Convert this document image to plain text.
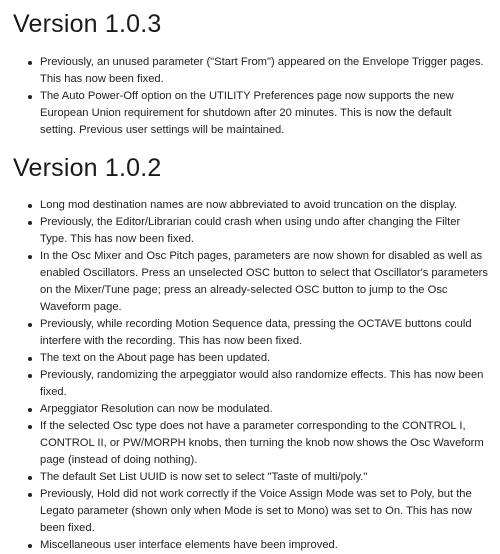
Version 1.0.3
Previously, an unused parameter ("Start From") appeared on the Envelope Trigger pages. This has now been fixed.
The Auto Power-Off option on the UTILITY Preferences page now supports the new European Union requirement for shutdown after 20 minutes. This is now the default setting. Previous user settings will be maintained.
Version 1.0.2
Long mod destination names are now abbreviated to avoid truncation on the display.
Previously, the Editor/Librarian could crash when using undo after changing the Filter Type. This has now been fixed.
In the Osc Mixer and Osc Pitch pages, parameters are now shown for disabled as well as enabled Oscillators. Press an unselected OSC button to select that Oscillator's parameters on the Mixer/Tune page; press an already-selected OSC button to jump to the Osc Waveform page.
Previously, while recording Motion Sequence data, pressing the OCTAVE buttons could interfere with the recording. This has now been fixed.
The text on the About page has been updated.
Previously, randomizing the arpeggiator would also randomize effects. This has now been fixed.
Arpeggiator Resolution can now be modulated.
If the selected Osc type does not have a parameter corresponding to the CONTROL I, CONTROL II, or PW/MORPH knobs, then turning the knob now shows the Osc Waveform page (instead of doing nothing).
The default Set List UUID is now set to select "Taste of multi/poly."
Previously, Hold did not work correctly if the Voice Assign Mode was set to Poly, but the Legato parameter (shown only when Mode is set to Mono) was set to On. This has now been fixed.
Miscellaneous user interface elements have been improved.
